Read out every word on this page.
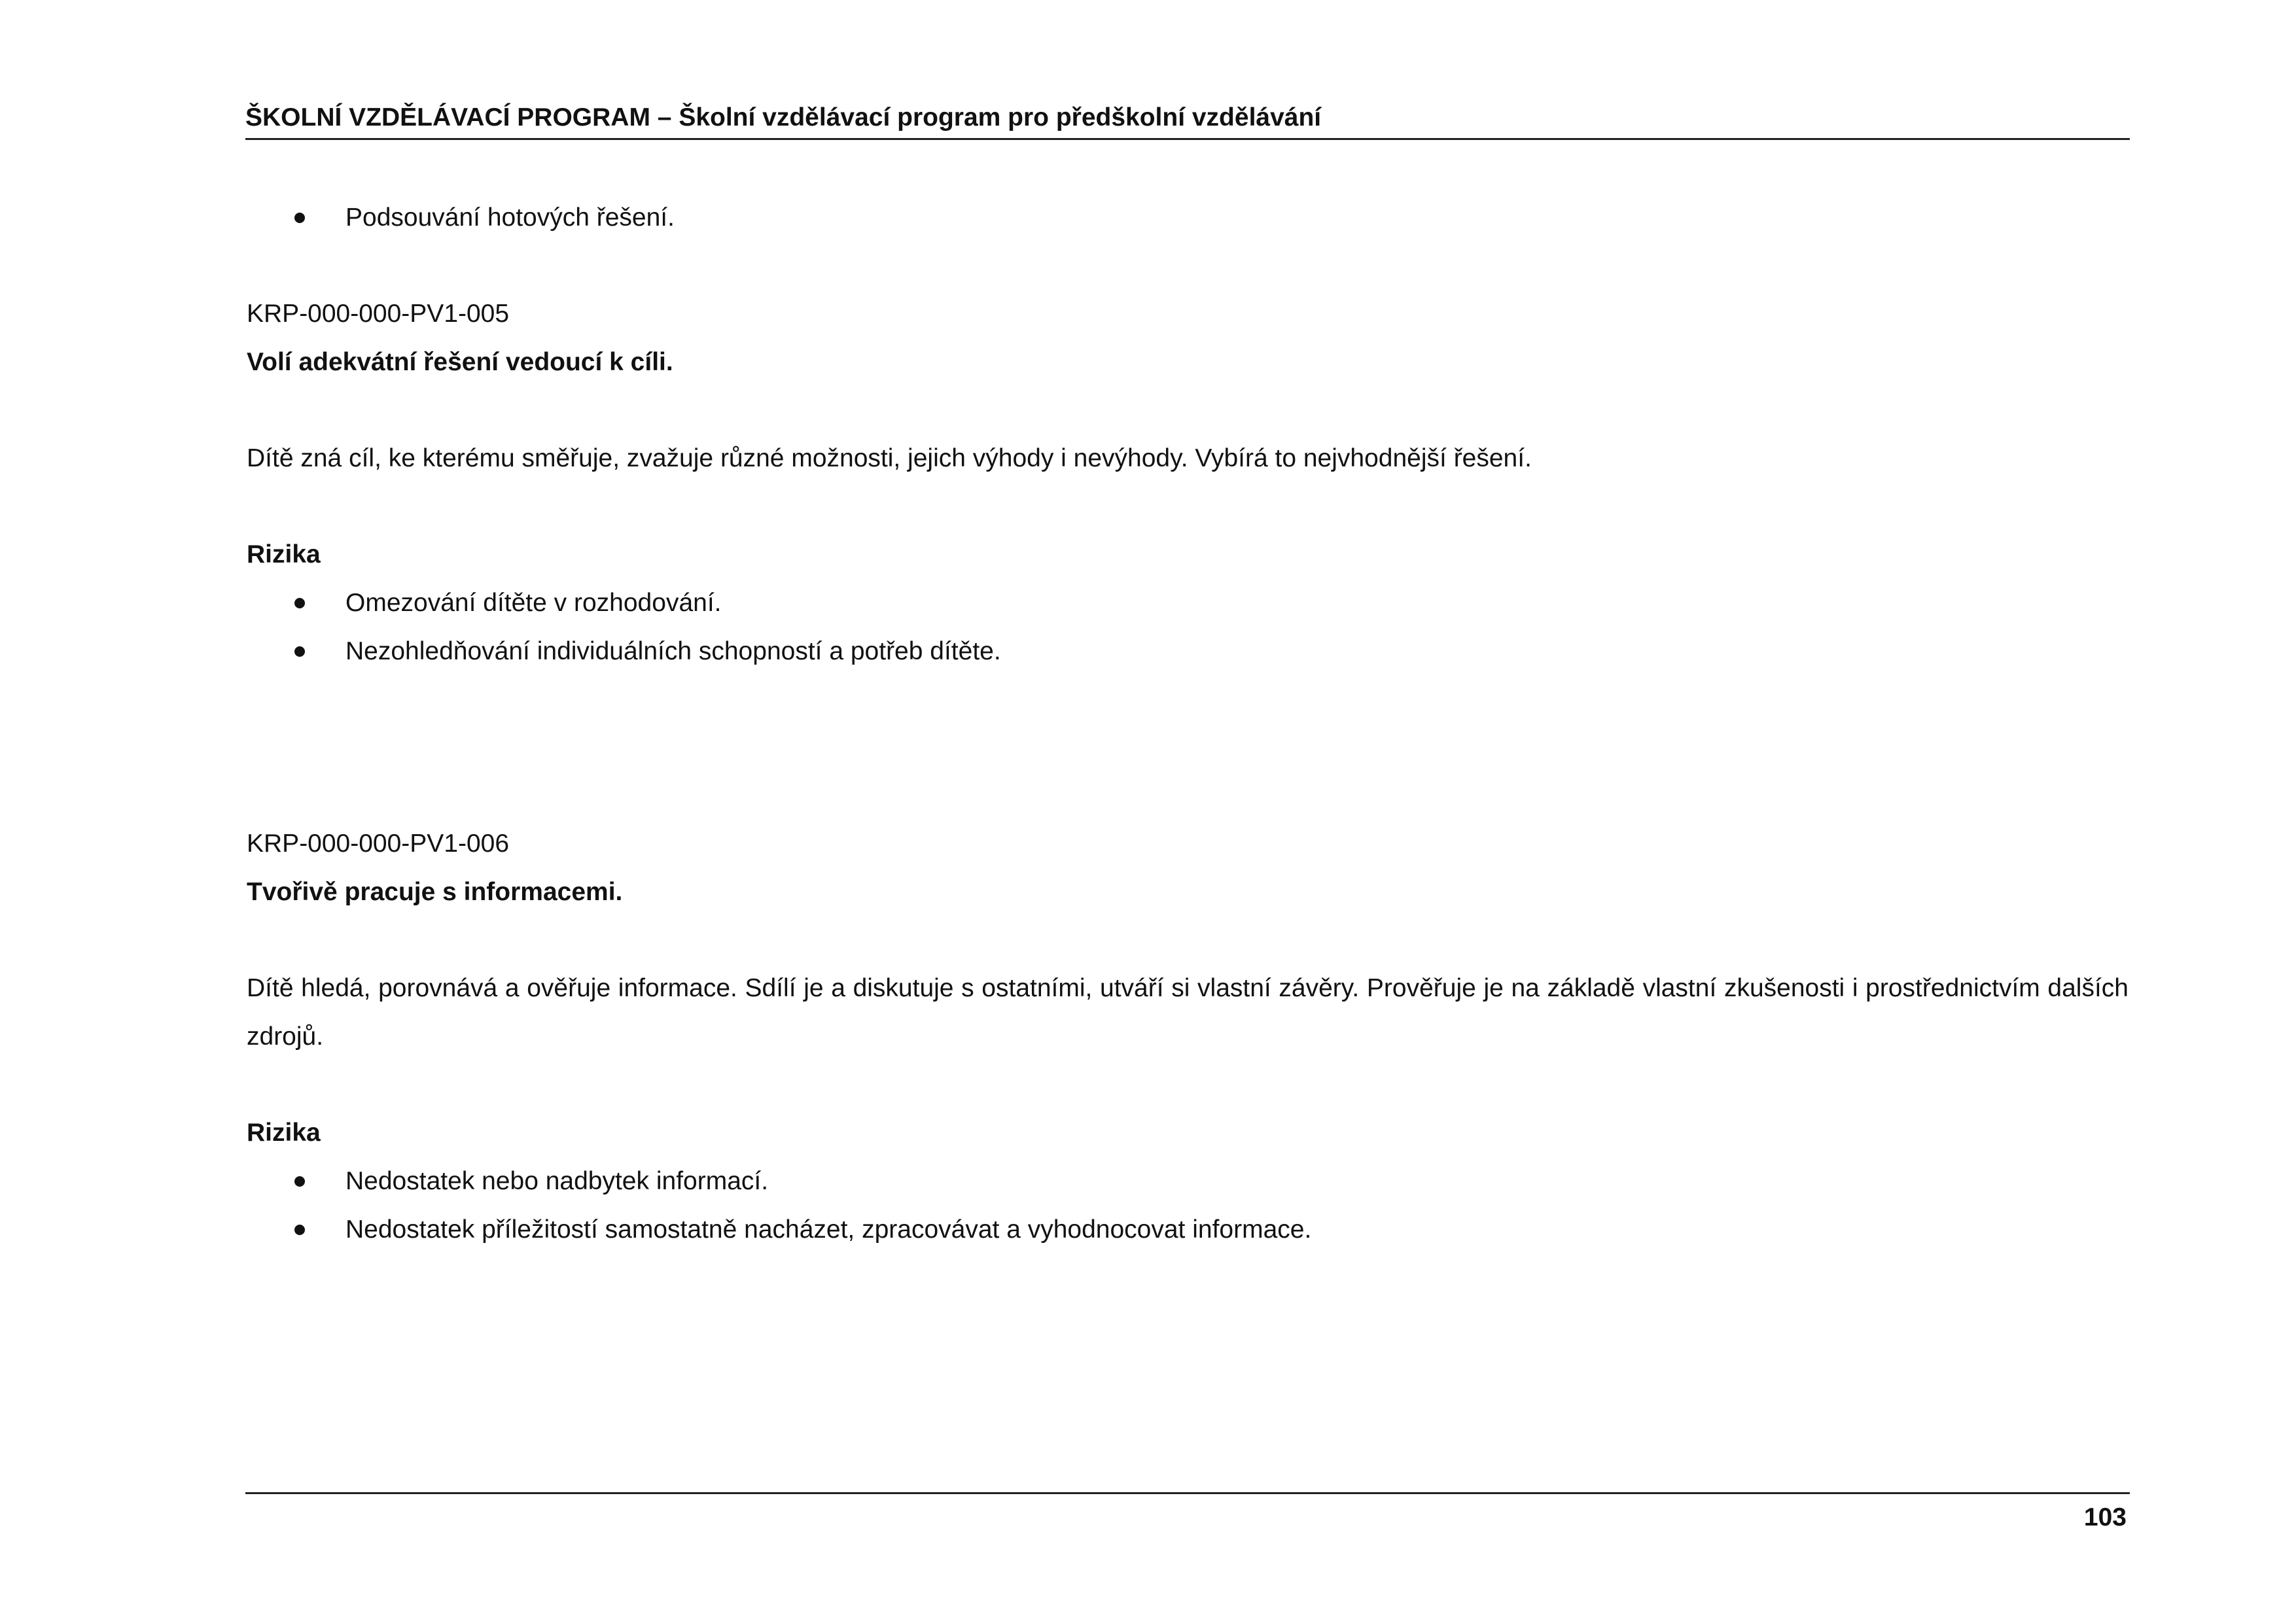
ŠKOLNÍ VZDĚLÁVACÍ PROGRAM – Školní vzdělávací program pro předškolní vzdělávání
Podsouvání hotových řešení.
KRP-000-000-PV1-005
Volí adekvátní řešení vedoucí k cíli.
Dítě zná cíl, ke kterému směřuje, zvažuje různé možnosti, jejich výhody i nevýhody. Vybírá to nejvhodnější řešení.
Rizika
Omezování dítěte v rozhodování.
Nezohledňování individuálních schopností a potřeb dítěte.
KRP-000-000-PV1-006
Tvořivě pracuje s informacemi.
Dítě hledá, porovnává a ověřuje informace. Sdílí je a diskutuje s ostatními, utváří si vlastní závěry. Prověřuje je na základě vlastní zkušenosti i prostřednictvím dalších zdrojů.
Rizika
Nedostatek nebo nadbytek informací.
Nedostatek příležitostí samostatně nacházet, zpracovávat a vyhodnocovat informace.
103
